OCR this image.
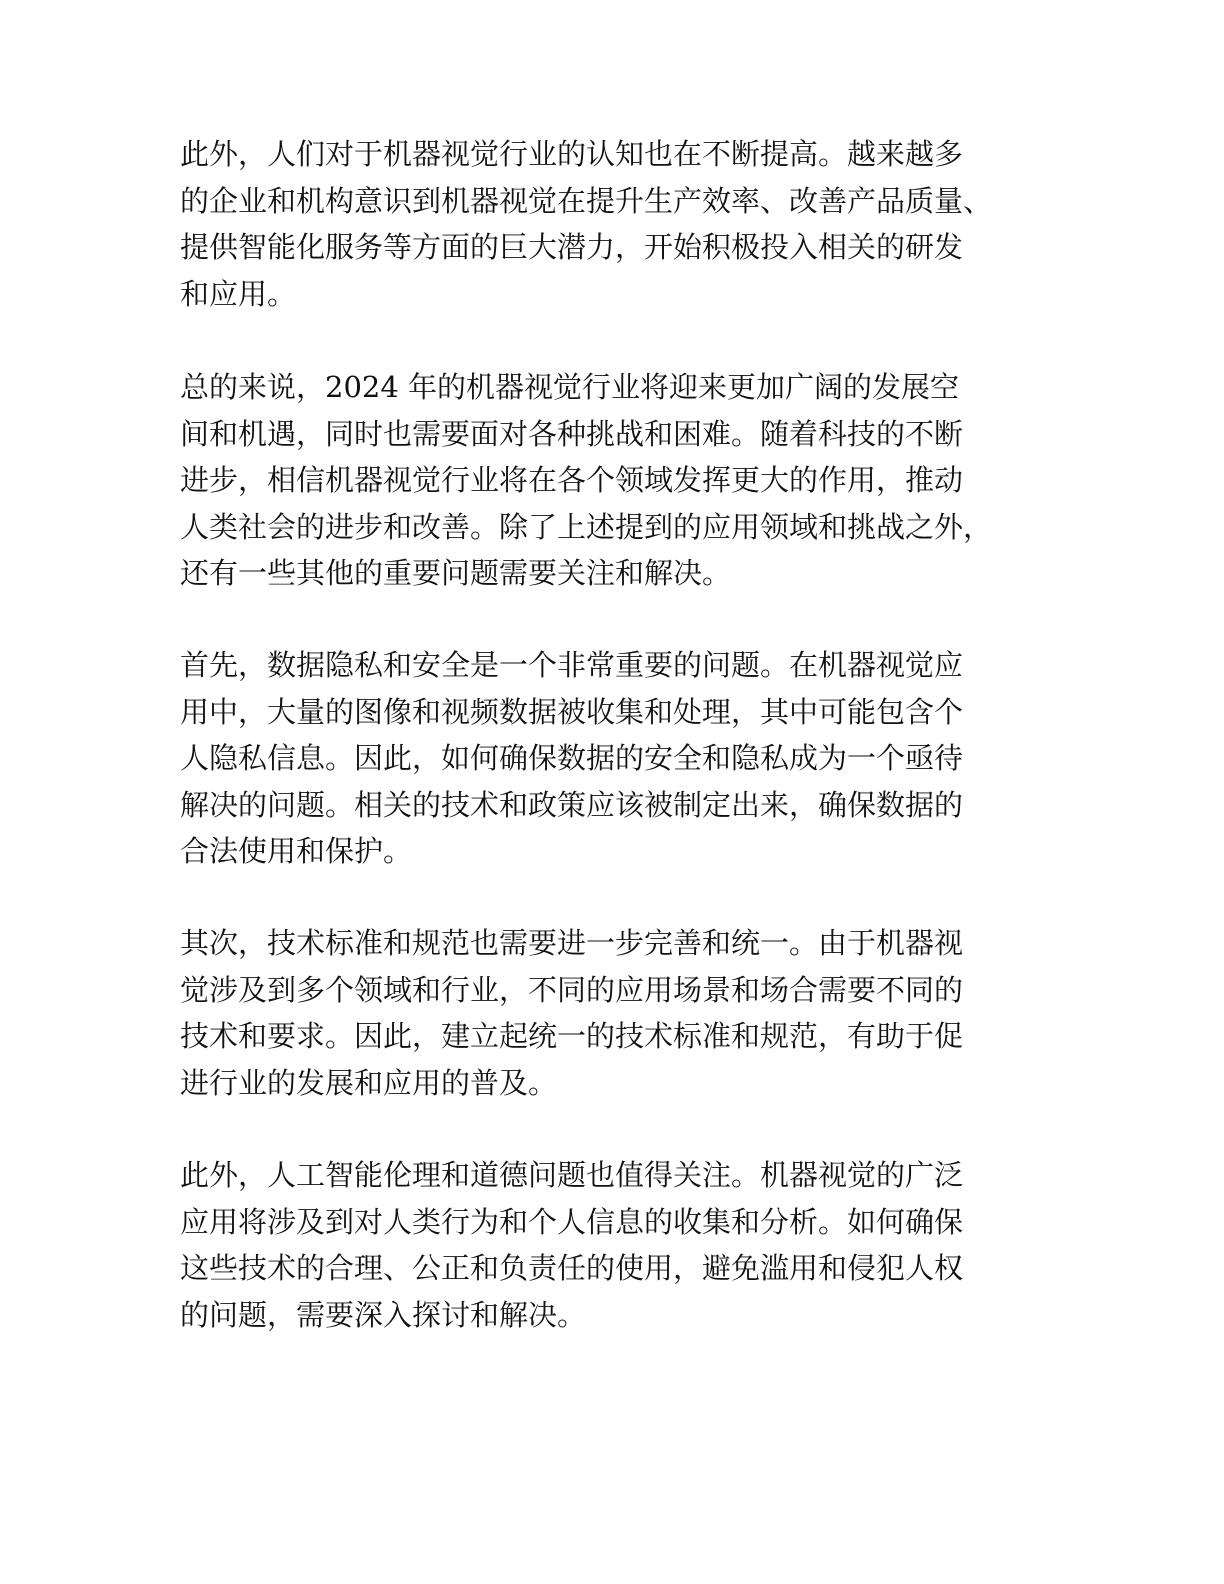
此外，人们对于机器视觉行业的认知也在不断提高。越来越多
的企业和机构意识到机器视觉在提升生产效率、改善产品质量、
提供智能化服务等方面的巨大潜力，开始积极投入相关的研发
和应用。

总的来说，2024 年的机器视觉行业将迎来更加广阔的发展空
间和机遇，同时也需要面对各种挑战和困难。随着科技的不断
进步，相信机器视觉行业将在各个领域发挥更大的作用，推动
人类社会的进步和改善。除了上述提到的应用领域和挑战之外，
还有一些其他的重要问题需要关注和解决。

首先，数据隐私和安全是一个非常重要的问题。在机器视觉应
用中，大量的图像和视频数据被收集和处理，其中可能包含个
人隐私信息。因此，如何确保数据的安全和隐私成为一个亟待
解决的问题。相关的技术和政策应该被制定出来，确保数据的
合法使用和保护。

其次，技术标准和规范也需要进一步完善和统一。由于机器视
觉涉及到多个领域和行业，不同的应用场景和场合需要不同的
技术和要求。因此，建立起统一的技术标准和规范，有助于促
进行业的发展和应用的普及。

此外，人工智能伦理和道德问题也值得关注。机器视觉的广泛
应用将涉及到对人类行为和个人信息的收集和分析。如何确保
这些技术的合理、公正和负责任的使用，避免滥用和侵犯人权
的问题，需要深入探讨和解决。
